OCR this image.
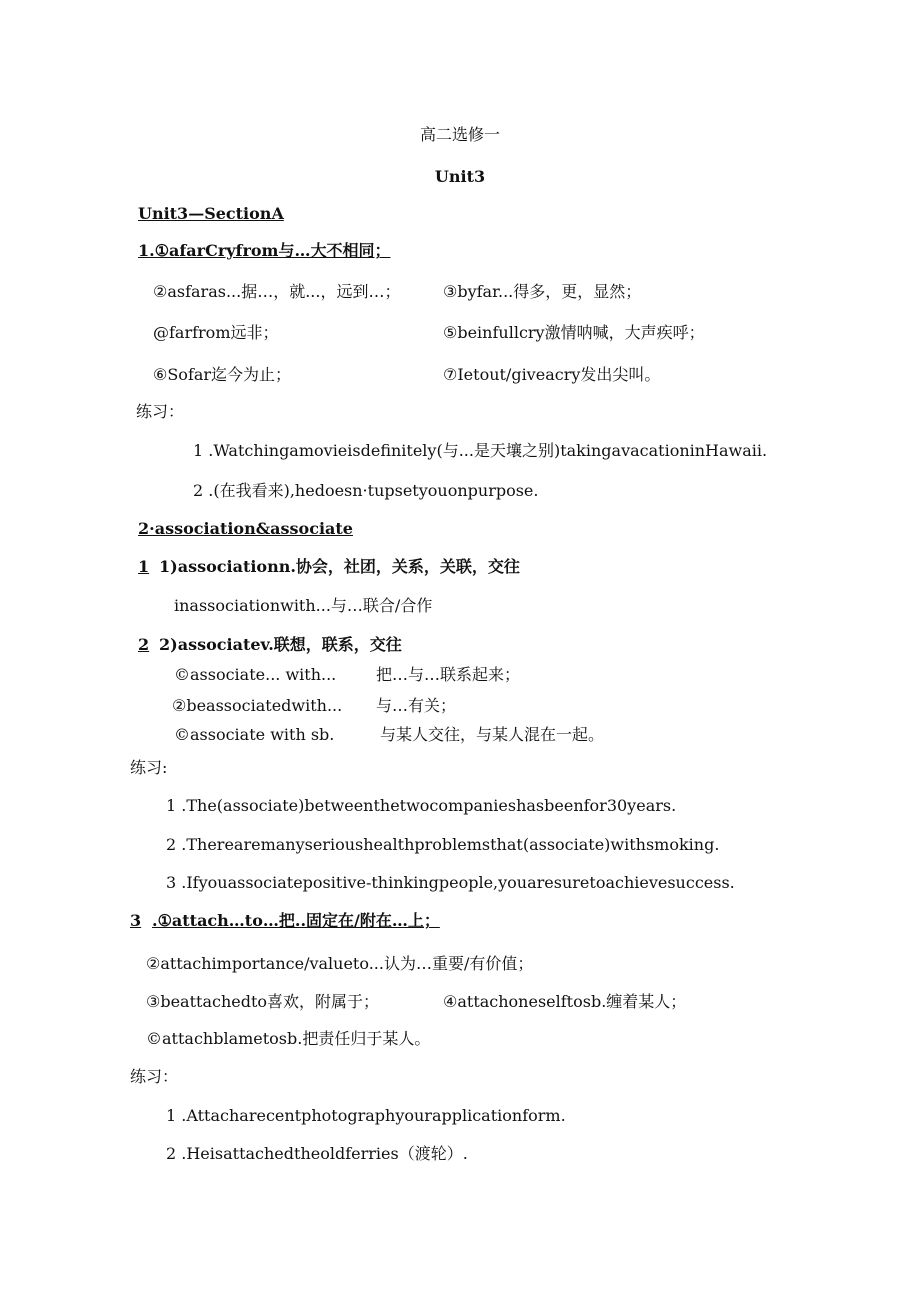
高二选修一
Unit3
Unit3—SectionA
1.①afarCryfrom与…大不相同；
②asfaras...据…，就...，远到…；	③byfar...得多，更，显然；
@farfrom远非；	⑤beinfullcry激情呐喊，大声疾呼；
⑥Sofar迄今为止；	⑦Ietout/giveacry发出尖叫。
练习：
1 .Watchingamovieisdefinitely(与...是天壤之别)takingavacationinHawaii.
2 .(在我看来),hedoesn·tupsetyouonpurpose.
2·association&associate
1 1)associationn.协会，社团，关系，关联，交往
inassociationwith...与…联合/合作
2 2)associatev.联想，联系，交往
©associate... with... 把…与…联系起来；
②beassociatedwith... 与…有关；
©associate with sb.	与某人交往，与某人混在一起。
练习:
1 .The(associate)betweenthetwocompanieshasbeenfor30years.
2 .Therearemanyserioushealthproblemsthat(associate)withsmoking.
3 .Ifyouassociatepositive-thinkingpeople,youaresuretoachievesuccess.
3 .①attach…to…把..固定在/附在…上；
②attachimportance/valueto...认为…重要/有价值；
③beattachedto喜欢，附属于；	④attachoneselftosb.缠着某人；
©attachblametosb.把责任归于某人。
练习：
1 .Attacharecentphotographyourapplicationform.
2 .Heisattachedtheoldferries（渡轮）.
